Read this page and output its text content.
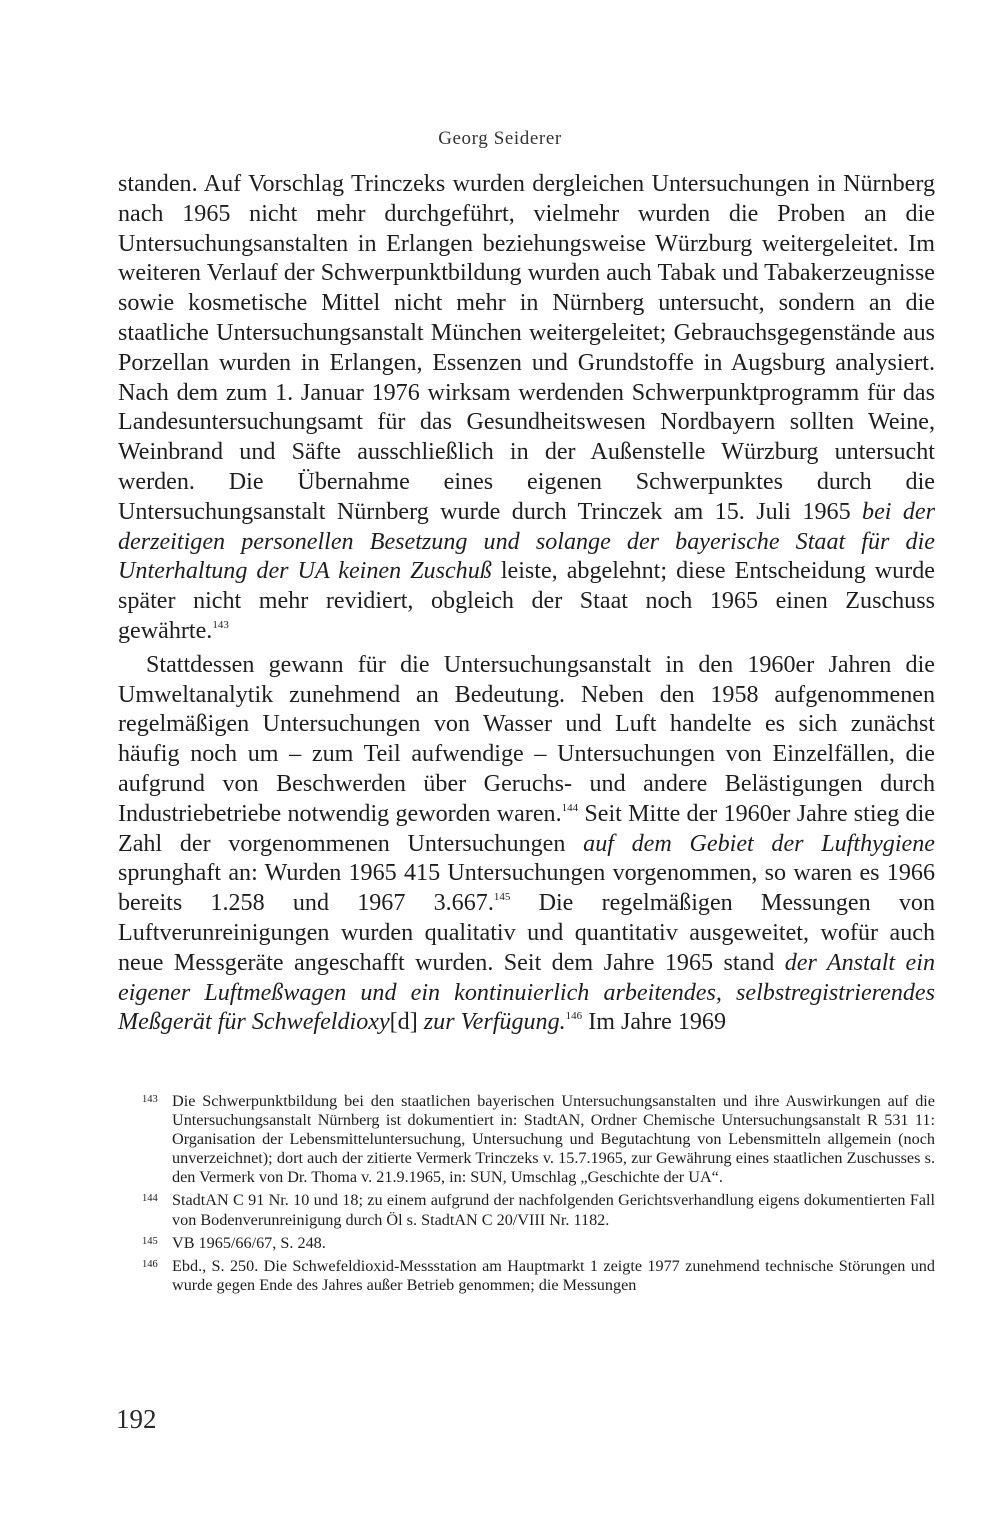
Georg Seiderer

standen. Auf Vorschlag Trinczeks wurden dergleichen Untersuchungen in Nürnberg nach 1965 nicht mehr durchgeführt, vielmehr wurden die Proben an die Untersuchungsanstalten in Erlangen beziehungsweise Würzburg weitergeleitet. Im weiteren Verlauf der Schwerpunktbildung wurden auch Tabak und Tabakerzeugnisse sowie kosmetische Mittel nicht mehr in Nürnberg untersucht, sondern an die staatliche Untersuchungsanstalt München weitergeleitet; Gebrauchsgegenstände aus Porzellan wurden in Erlangen, Essenzen und Grundstoffe in Augsburg analysiert. Nach dem zum 1. Januar 1976 wirksam werdenden Schwerpunktprogramm für das Landesuntersuchungsamt für das Gesundheitswesen Nordbayern sollten Weine, Weinbrand und Säfte ausschließlich in der Außenstelle Würzburg untersucht werden. Die Übernahme eines eigenen Schwerpunktes durch die Untersuchungsanstalt Nürnberg wurde durch Trinczek am 15. Juli 1965 bei der derzeitigen personellen Besetzung und solange der bayerische Staat für die Unterhaltung der UA keinen Zuschuß leiste, abgelehnt; diese Entscheidung wurde später nicht mehr revidiert, obgleich der Staat noch 1965 einen Zuschuss gewährte.$^{143}$

Stattdessen gewann für die Untersuchungsanstalt in den 1960er Jahren die Umweltanalytik zunehmend an Bedeutung. Neben den 1958 aufgenommenen regelmäßigen Untersuchungen von Wasser und Luft handelte es sich zunächst häufig noch um – zum Teil aufwendige – Untersuchungen von Einzelfällen, die aufgrund von Beschwerden über Geruchs- und andere Belästigungen durch Industriebetriebe notwendig geworden waren.$^{144}$ Seit Mitte der 1960er Jahre stieg die Zahl der vorgenommenen Untersuchungen auf dem Gebiet der Lufthygiene sprunghaft an: Wurden 1965 415 Untersuchungen vorgenommen, so waren es 1966 bereits 1.258 und 1967 3.667.$^{145}$ Die regelmäßigen Messungen von Luftverunreinigungen wurden qualitativ und quantitativ ausgeweitet, wofür auch neue Messgeräte angeschafft wurden. Seit dem Jahre 1965 stand der Anstalt ein eigener Luftmeßwagen und ein kontinuierlich arbeitendes, selbstregistrierendes Meßgerät für Schwefeldioxy[d] zur Verfügung.$^{146}$ Im Jahre 1969

143 Die Schwerpunktbildung bei den staatlichen bayerischen Untersuchungsanstalten und ihre Auswirkungen auf die Untersuchungsanstalt Nürnberg ist dokumentiert in: StadtAN, Ordner Chemische Untersuchungsanstalt R 531 11: Organisation der Lebensmitteluntersuchung, Untersuchung und Begutachtung von Lebensmitteln allgemein (noch unverzeichnet); dort auch der zitierte Vermerk Trinczeks v. 15.7.1965, zur Gewährung eines staatlichen Zuschusses s. den Vermerk von Dr. Thoma v. 21.9.1965, in: SUN, Umschlag „Geschichte der UA“.
144 StadtAN C 91 Nr. 10 und 18; zu einem aufgrund der nachfolgenden Gerichtsverhandlung eigens dokumentierten Fall von Bodenverunreinigung durch Öl s. StadtAN C 20/VIII Nr. 1182.
145 VB 1965/66/67, S. 248.
146 Ebd., S. 250. Die Schwefeldioxid-Messstation am Hauptmarkt 1 zeigte 1977 zunehmend technische Störungen und wurde gegen Ende des Jahres außer Betrieb genommen; die Messungen
192
